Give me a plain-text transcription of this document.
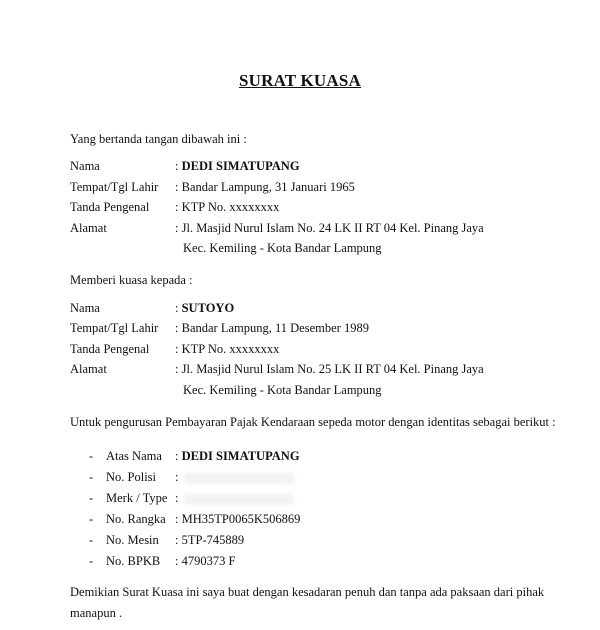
SURAT KUASA
Yang bertanda tangan dibawah ini :
Nama	: DEDI SIMATUPANG
Tempat/Tgl Lahir : Bandar Lampung, 31 Januari 1965
Tanda Pengenal : KTP No. xxxxxxxx
Alamat	: Jl. Masjid Nurul Islam No. 24 LK II RT 04 Kel. Pinang Jaya
Kec. Kemiling - Kota Bandar Lampung
Memberi kuasa kepada :
Nama	: SUTOYO
Tempat/Tgl Lahir : Bandar Lampung, 11 Desember 1989
Tanda Pengenal : KTP No. xxxxxxxx
Alamat	: Jl. Masjid Nurul Islam No. 25 LK II RT 04 Kel. Pinang Jaya
Kec. Kemiling - Kota Bandar Lampung
Untuk pengurusan Pembayaran Pajak Kendaraan sepeda motor dengan identitas sebagai berikut :
- Atas Nama : DEDI SIMATUPANG
- No. Polisi :
- Merk / Type :
- No. Rangka : MH35TP0065K506869
- No. Mesin : 5TP-745889
- No. BPKB : 4790373 F
Demikian Surat Kuasa ini saya buat dengan kesadaran penuh dan tanpa ada paksaan dari pihak
manapun .
